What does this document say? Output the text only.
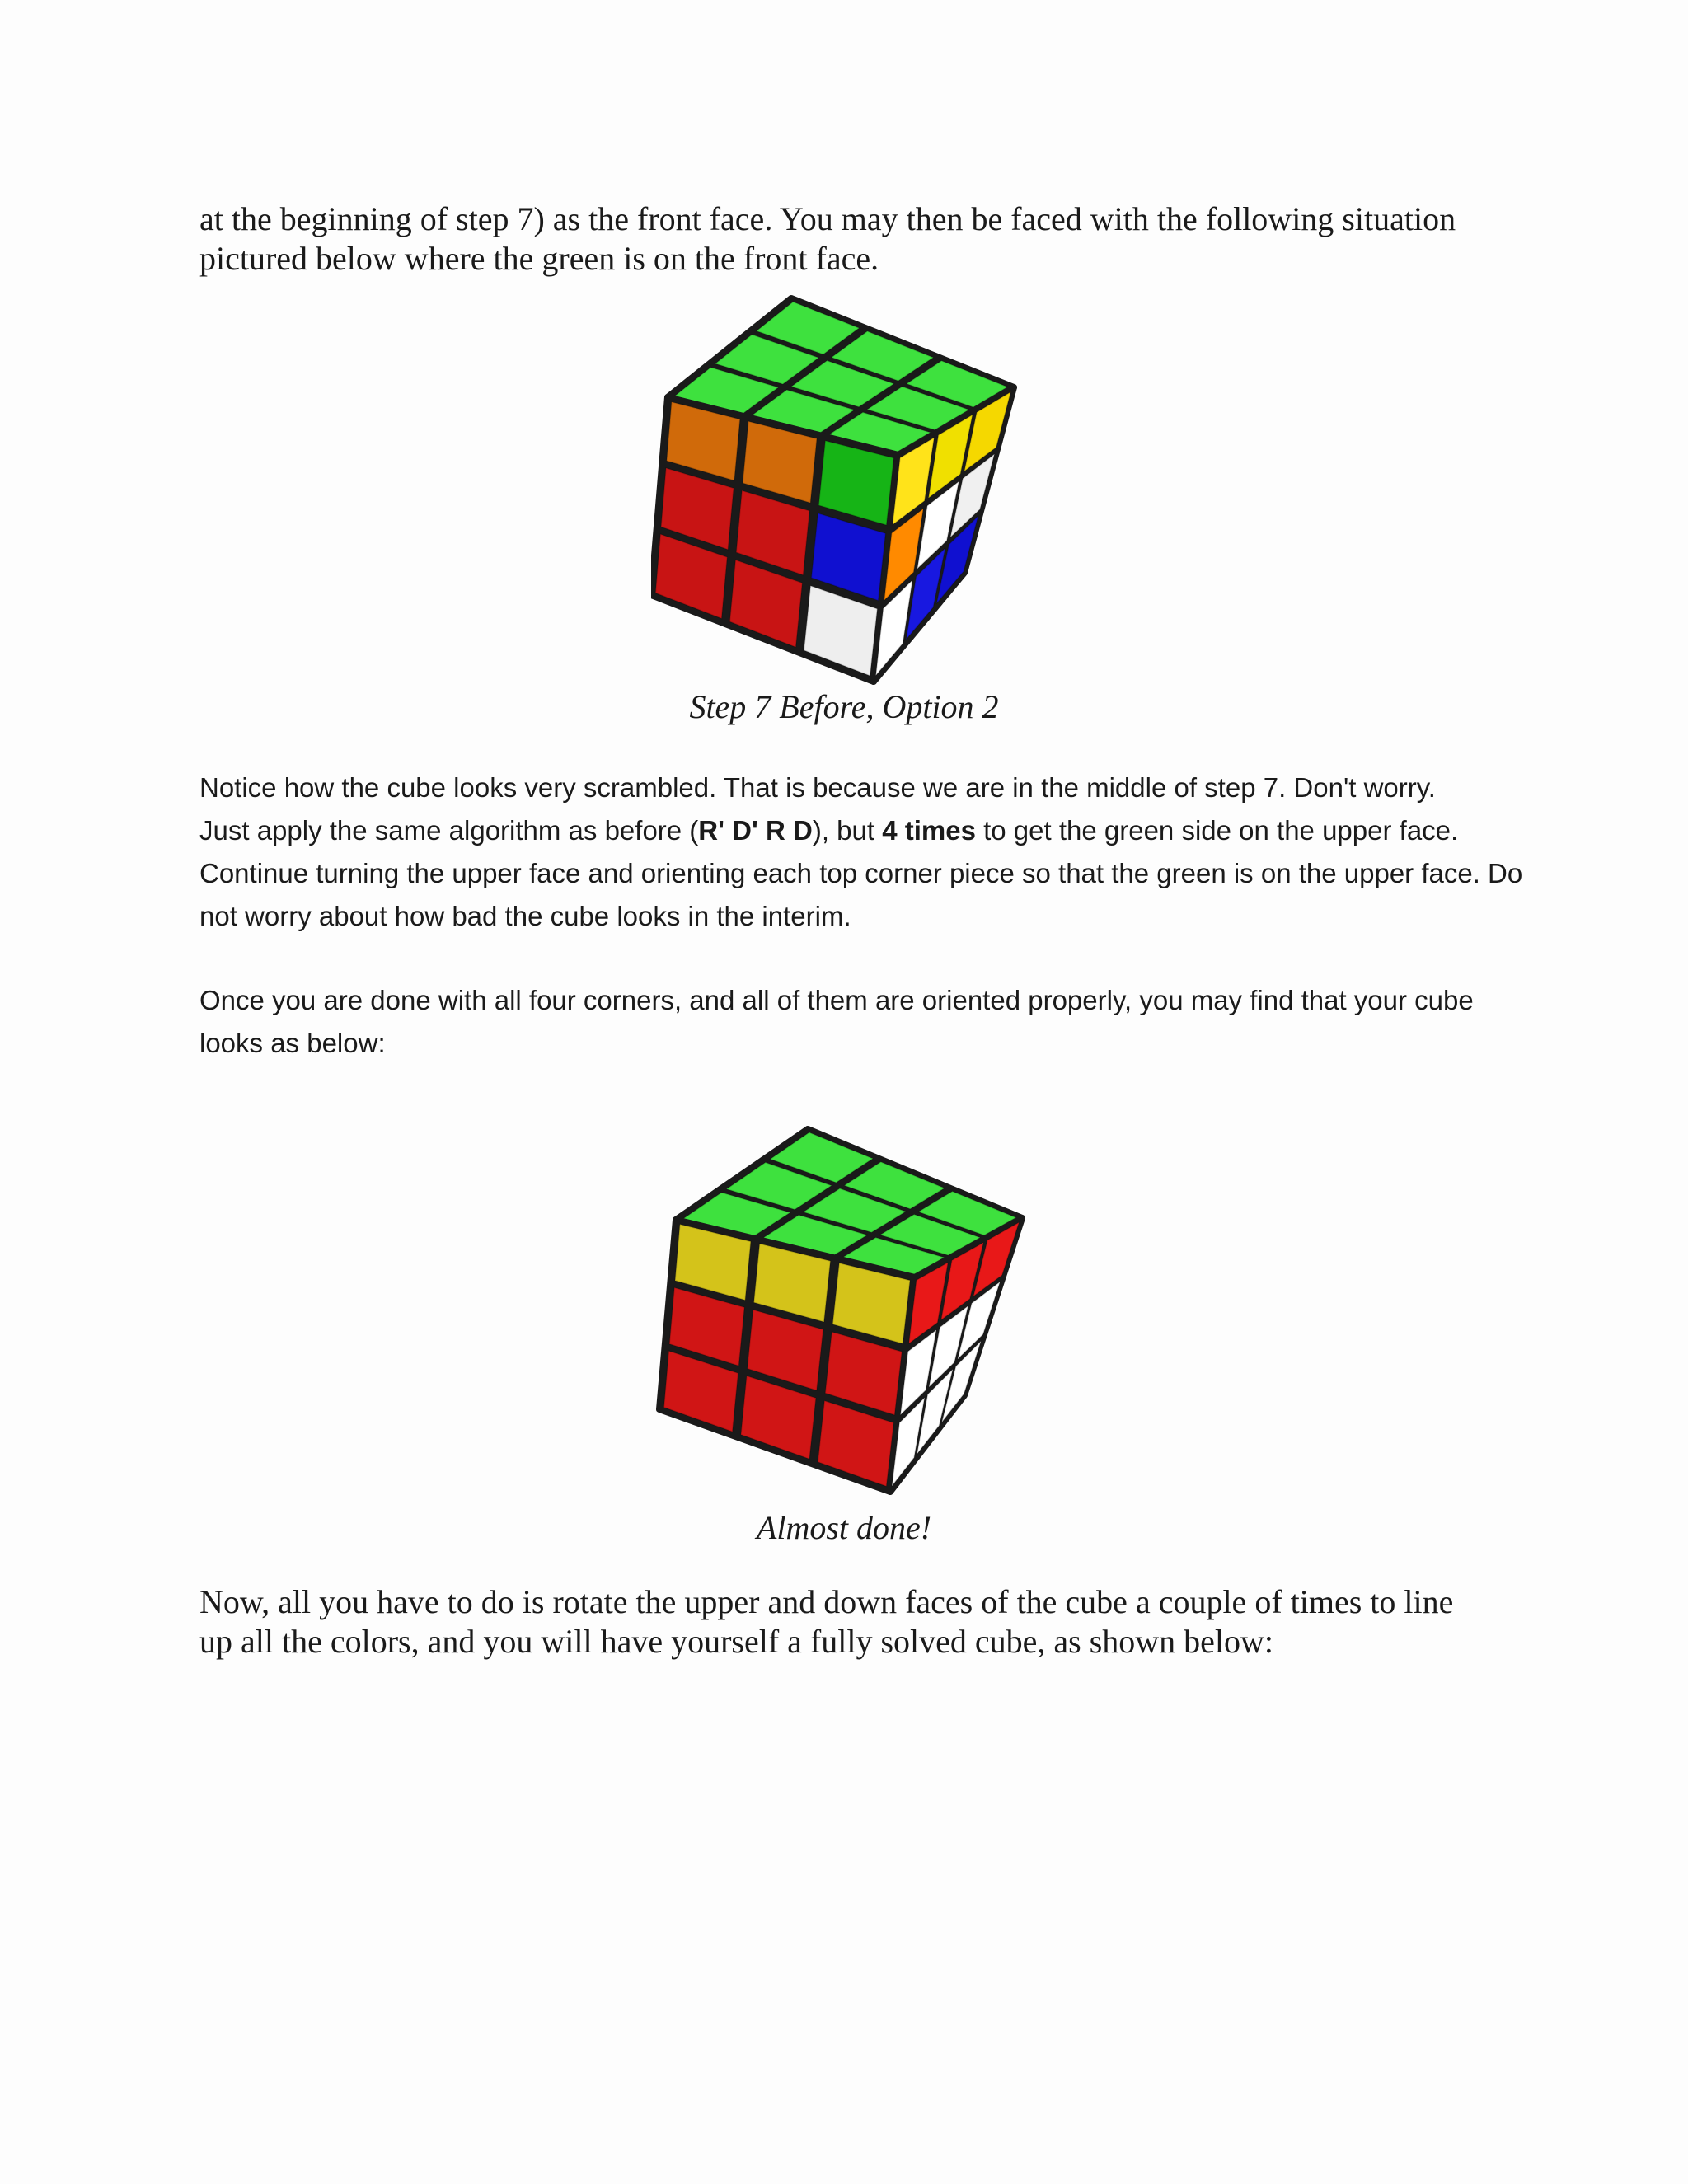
at the beginning of step 7) as the front face. You may then be faced with the following situation pictured below where the green is on the front face.
Step 7 Before, Option 2
Notice how the cube looks very scrambled. That is because we are in the middle of step 7. Don't worry.
Just apply the same algorithm as before (R' D' R D), but 4 times to get the green side on the upper face.
Continue turning the upper face and orienting each top corner piece so that the green is on the upper face. Do not worry about how bad the cube looks in the interim.
Once you are done with all four corners, and all of them are oriented properly, you may find that your cube looks as below:
Almost done!
Now, all you have to do is rotate the upper and down faces of the cube a couple of times to line up all the colors, and you will have yourself a fully solved cube, as shown below:
